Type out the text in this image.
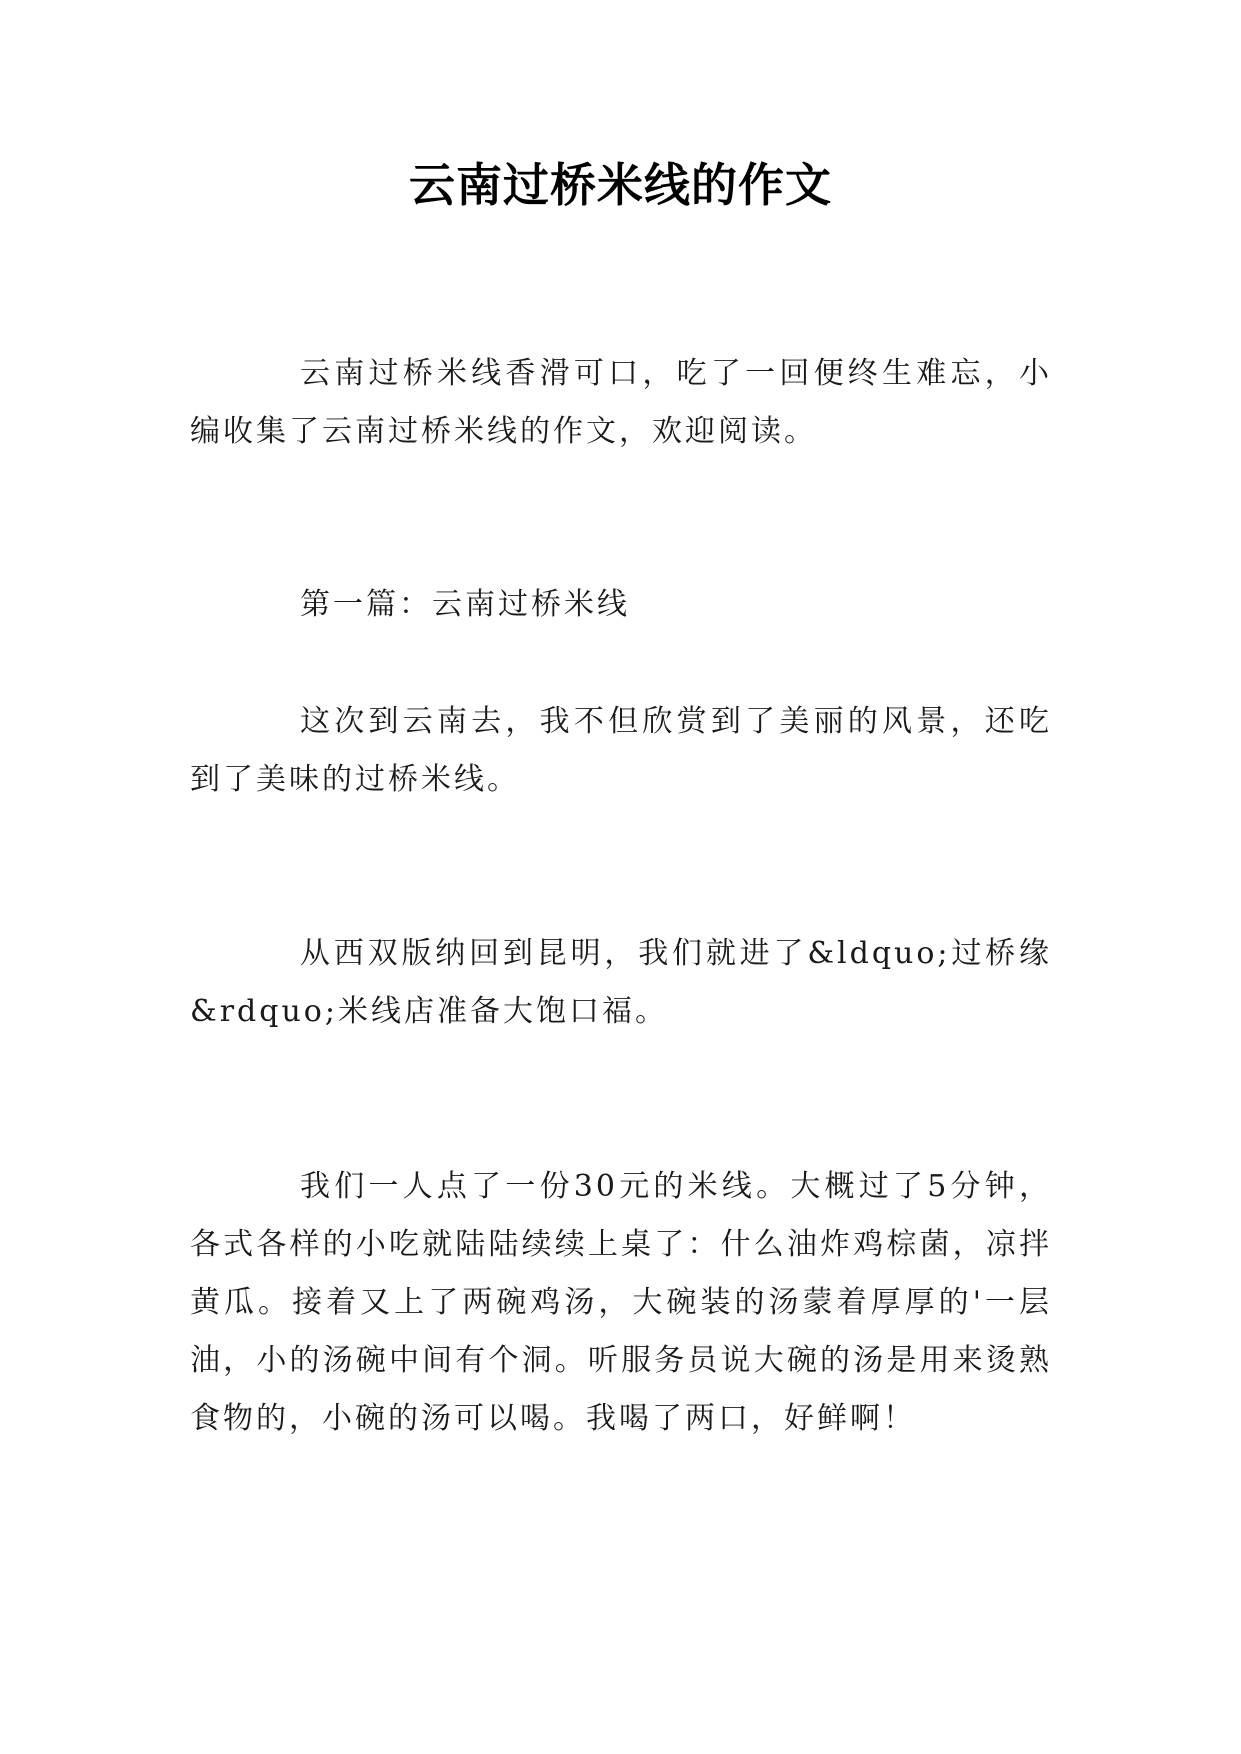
云南过桥米线的作文

云南过桥米线香滑可口，吃了一回便终生难忘，小编收集了云南过桥米线的作文，欢迎阅读。

第一篇：云南过桥米线

这次到云南去，我不但欣赏到了美丽的风景，还吃到了美味的过桥米线。

从西双版纳回到昆明，我们就进了&ldquo;过桥缘&rdquo;米线店准备大饱口福。

我们一人点了一份30元的米线。大概过了5分钟，各式各样的小吃就陆陆续续上桌了：什么油炸鸡棕菌，凉拌黄瓜。接着又上了两碗鸡汤，大碗装的汤蒙着厚厚的'一层油，小的汤碗中间有个洞。听服务员说大碗的汤是用来烫熟食物的，小碗的汤可以喝。我喝了两口，好鲜啊！
